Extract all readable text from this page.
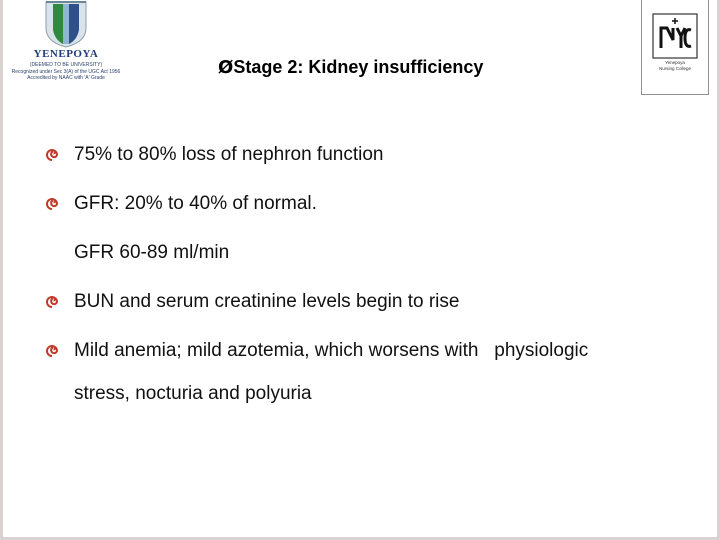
YENEPOYA
(DEEMED TO BE UNIVERSITY)
Recognized under Sec 3(A) of the UGC Act 1956
Accredited by NAAC with 'A' Grade
Yenepoya
Nursing College
ØStage 2: Kidney insufficiency
75% to 80% loss of nephron function
GFR: 20% to 40% of normal.
GFR 60-89 ml/min
BUN and serum creatinine levels begin to rise
Mild anemia; mild azotemia, which worsens with   physiologic
stress, nocturia and polyuria
